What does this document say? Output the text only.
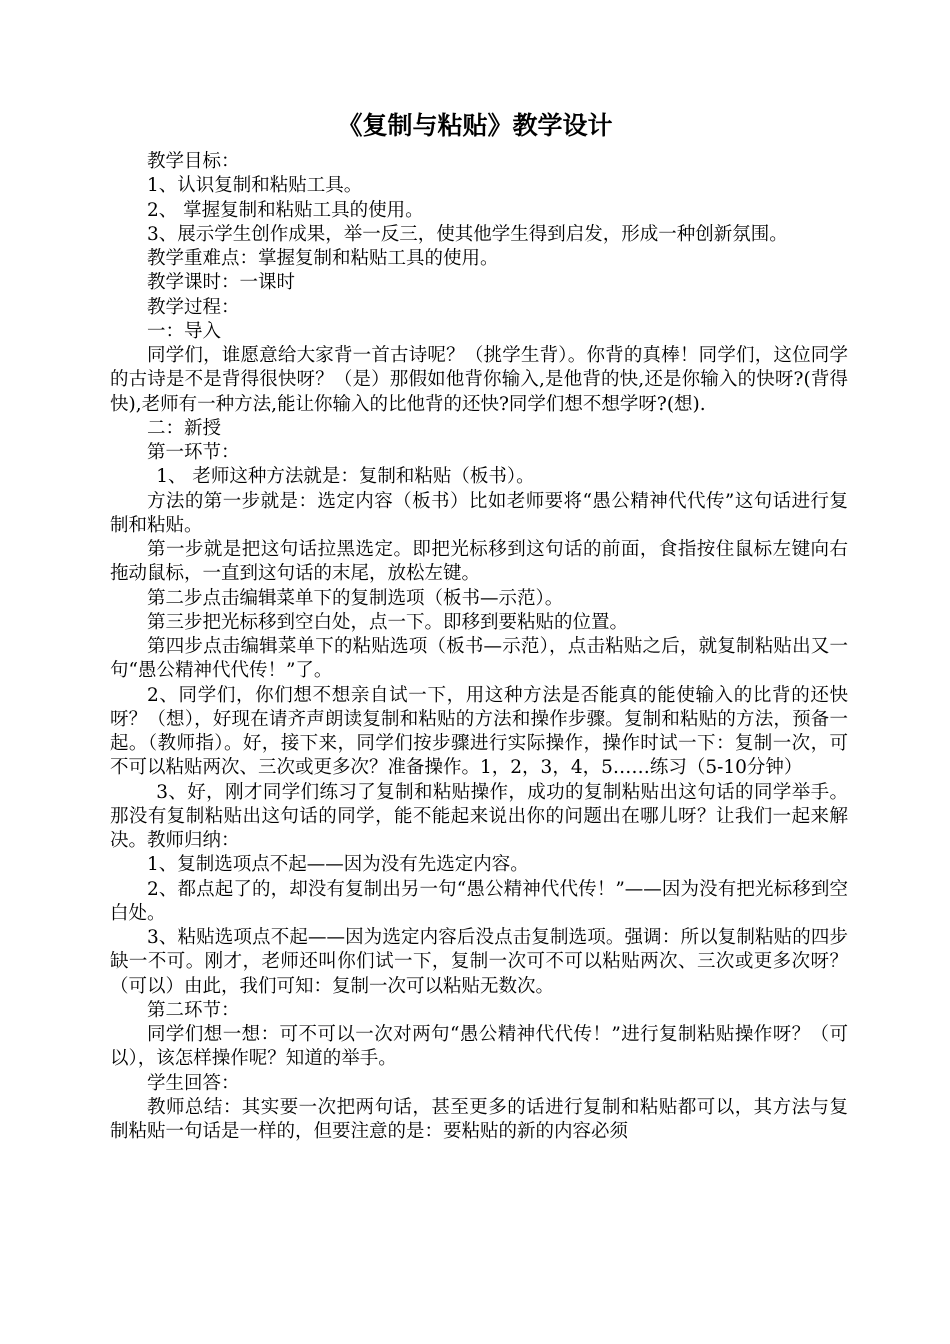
《复制与粘贴》教学设计

教学目标：

1、认识复制和粘贴工具。

2、 掌握复制和粘贴工具的使用。

3、展示学生创作成果，举一反三，使其他学生得到启发，形成一种创新氛围。

教学重难点：掌握复制和粘贴工具的使用。

教学课时：一课时

教学过程：

一：导入

同学们，谁愿意给大家背一首古诗呢？（挑学生背）。你背的真棒！同学们，这位同学的古诗是不是背得很快呀？（是）那假如他背你输入,是他背的快,还是你输入的快呀?(背得快),老师有一种方法,能让你输入的比他背的还快?同学们想不想学呀?(想).

二：新授

第一环节：

1、 老师这种方法就是：复制和粘贴（板书）。

方法的第一步就是：选定内容（板书）比如老师要将“愚公精神代代传”这句话进行复制和粘贴。

第一步就是把这句话拉黑选定。即把光标移到这句话的前面，食指按住鼠标左键向右拖动鼠标，一直到这句话的末尾，放松左键。

第二步点击编辑菜单下的复制选项（板书—示范）。

第三步把光标移到空白处，点一下。即移到要粘贴的位置。

第四步点击编辑菜单下的粘贴选项（板书—示范），点击粘贴之后，就复制粘贴出又一句“愚公精神代代传！”了。

2、同学们，你们想不想亲自试一下，用这种方法是否能真的能使输入的比背的还快呀？（想），好现在请齐声朗读复制和粘贴的方法和操作步骤。复制和粘贴的方法，预备一起。（教师指）。好，接下来，同学们按步骤进行实际操作，操作时试一下：复制一次，可不可以粘贴两次、三次或更多次？准备操作。1，2，3，4，5……练习（5-10分钟）

3、好，刚才同学们练习了复制和粘贴操作，成功的复制粘贴出这句话的同学举手。那没有复制粘贴出这句话的同学，能不能起来说出你的问题出在哪儿呀？让我们一起来解决。教师归纳：

1、复制选项点不起——因为没有先选定内容。

2、都点起了的，却没有复制出另一句“愚公精神代代传！”——因为没有把光标移到空白处。

3、粘贴选项点不起——因为选定内容后没点击复制选项。强调：所以复制粘贴的四步缺一不可。刚才，老师还叫你们试一下，复制一次可不可以粘贴两次、三次或更多次呀？（可以）由此，我们可知：复制一次可以粘贴无数次。

第二环节：

同学们想一想：可不可以一次对两句“愚公精神代代传！”进行复制粘贴操作呀？（可以），该怎样操作呢？知道的举手。

学生回答：

教师总结：其实要一次把两句话，甚至更多的话进行复制和粘贴都可以，其方法与复制粘贴一句话是一样的，但要注意的是：要粘贴的新的内容必须
